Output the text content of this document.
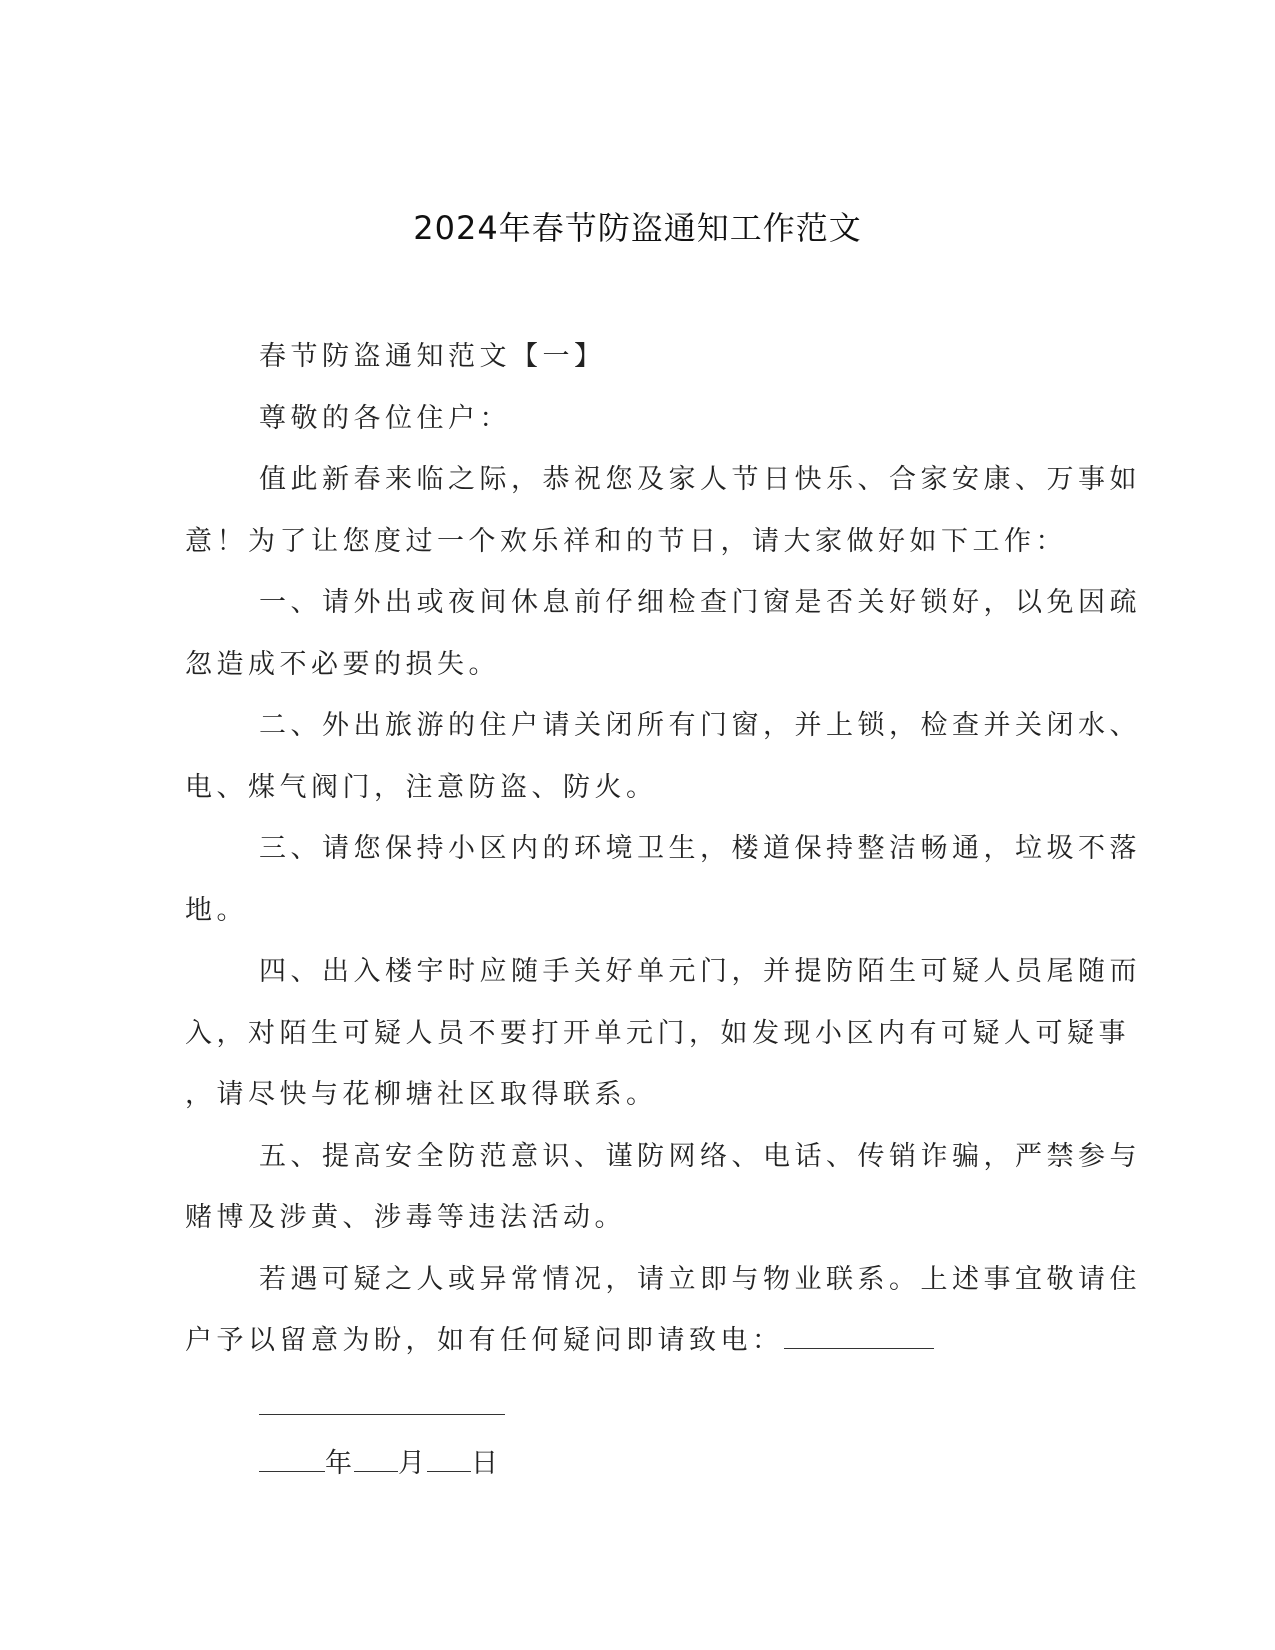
2024年春节防盗通知工作范文

春节防盗通知范文【一】

尊敬的各位住户：

值此新春来临之际，恭祝您及家人节日快乐、合家安康、万事如

意！为了让您度过一个欢乐祥和的节日，请大家做好如下工作：

一、请外出或夜间休息前仔细检查门窗是否关好锁好，以免因疏

忽造成不必要的损失。

二、外出旅游的住户请关闭所有门窗，并上锁，检查并关闭水、

电、煤气阀门，注意防盗、防火。

三、请您保持小区内的环境卫生，楼道保持整洁畅通，垃圾不落

地。

四、出入楼宇时应随手关好单元门，并提防陌生可疑人员尾随而

入，对陌生可疑人员不要打开单元门，如发现小区内有可疑人可疑事

，请尽快与花柳塘社区取得联系。

五、提高安全防范意识、谨防网络、电话、传销诈骗，严禁参与

赌博及涉黄、涉毒等违法活动。

若遇可疑之人或异常情况，请立即与物业联系。上述事宜敬请住

户予以留意为盼，如有任何疑问即请致电：

年 月 日
